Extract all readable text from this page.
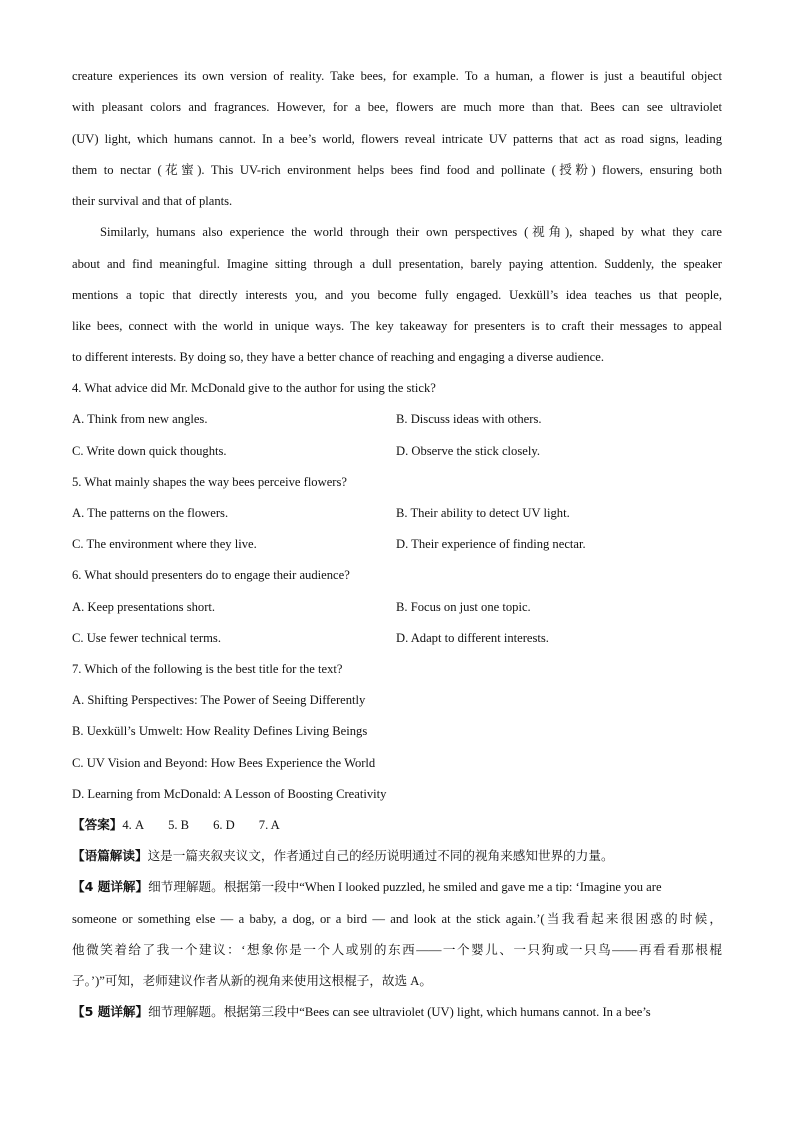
creature experiences its own version of reality. Take bees, for example. To a human, a flower is just a beautiful object
with pleasant colors and fragrances. However, for a bee, flowers are much more than that. Bees can see ultraviolet
(UV) light, which humans cannot. In a bee’s world, flowers reveal intricate UV patterns that act as road signs, leading
them to nectar (花蜜). This UV-rich environment helps bees find food and pollinate (授粉) flowers, ensuring both
their survival and that of plants.
Similarly, humans also experience the world through their own perspectives (视角), shaped by what they care
about and find meaningful. Imagine sitting through a dull presentation, barely paying attention. Suddenly, the speaker
mentions a topic that directly interests you, and you become fully engaged. Uexküll’s idea teaches us that people,
like bees, connect with the world in unique ways. The key takeaway for presenters is to craft their messages to appeal
to different interests. By doing so, they have a better chance of reaching and engaging a diverse audience.
4. What advice did Mr. McDonald give to the author for using the stick?
A. Think from new angles.	B. Discuss ideas with others.
C. Write down quick thoughts.	D. Observe the stick closely.
5. What mainly shapes the way bees perceive flowers?
A. The patterns on the flowers.	B. Their ability to detect UV light.
C. The environment where they live.	D. Their experience of finding nectar.
6. What should presenters do to engage their audience?
A. Keep presentations short.	B. Focus on just one topic.
C. Use fewer technical terms.	D. Adapt to different interests.
7. Which of the following is the best title for the text?
A. Shifting Perspectives: The Power of Seeing Differently
B. Uexküll’s Umwelt: How Reality Defines Living Beings
C. UV Vision and Beyond: How Bees Experience the World
D. Learning from McDonald: A Lesson of Boosting Creativity
【答案】4. A 5. B 6. D 7. A
【语篇解读】这是一篇夹叙夹议文，作者通过自己的经历说明通过不同的视角来感知世界的力量。
【4 题详解】细节理解题。根据第一段中“When I looked puzzled, he smiled and gave me a tip: ‘Imagine you are
someone or something else — a baby, a dog, or a bird — and look at the stick again.’(当我看起来很困惑的时候，
他微笑着给了我一个建议：‘想象你是一个人或别的东西——一个婴儿、一只狗或一只鸟——再看看那根棍
子。’)”可知，老师建议作者从新的视角来使用这根棍子，故选 A。
【5 题详解】细节理解题。根据第三段中“Bees can see ultraviolet (UV) light, which humans cannot. In a bee’s
